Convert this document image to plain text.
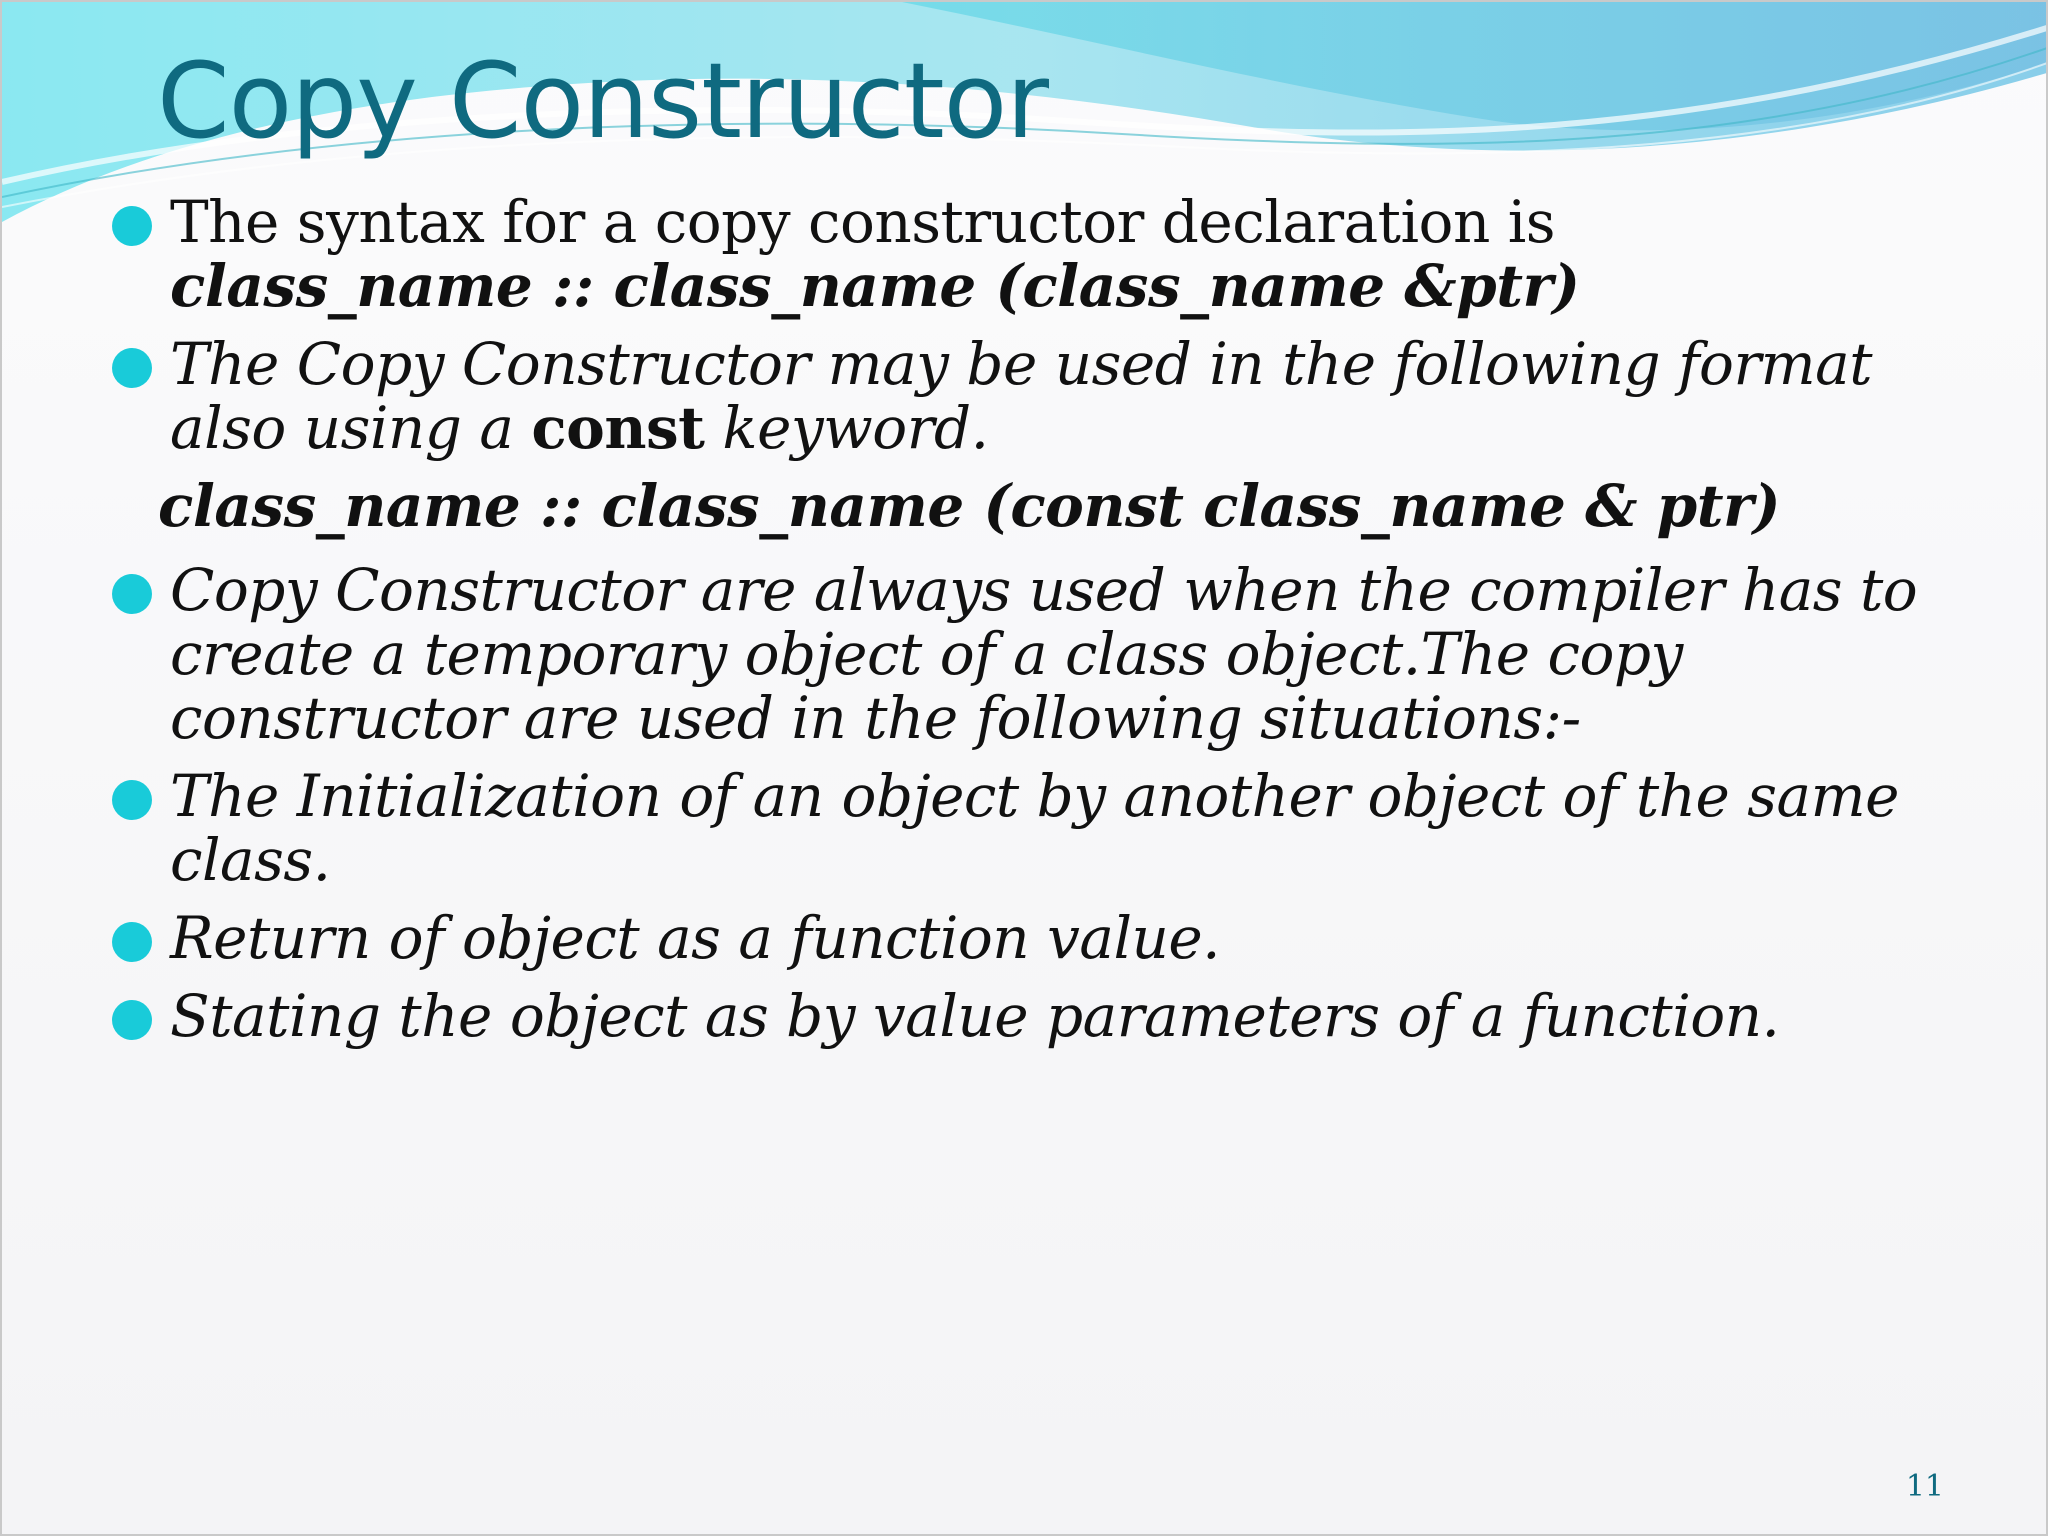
Copy Constructor
The syntax for a copy constructor declaration is
class_name :: class_name (class_name &ptr)
The Copy Constructor may be used in the following format also using a const keyword.
class_name :: class_name (const class_name & ptr)
Copy Constructor are always used when the compiler has to create a temporary object of a class object.The copy constructor are used in the following situations:-
The Initialization of an object by another object of the same class.
Return of object as a function value.
Stating the object as by value parameters of a function.
11
